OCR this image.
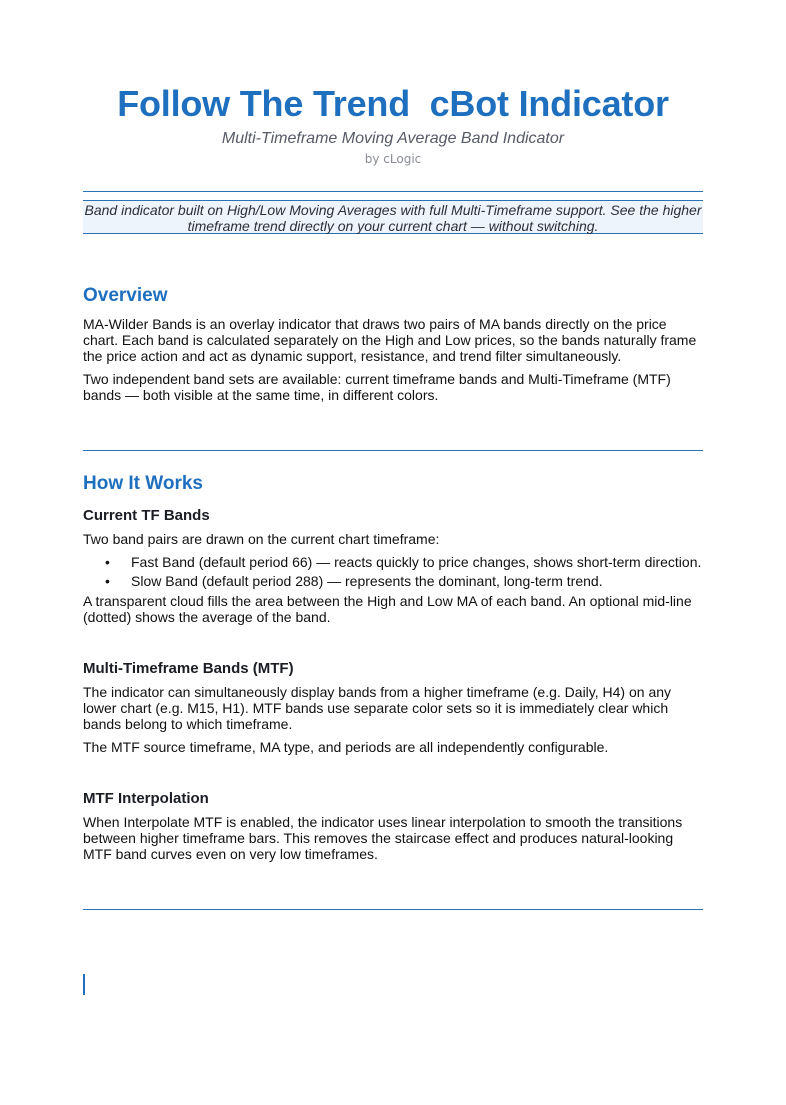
Follow The Trend  cBot Indicator
Multi-Timeframe Moving Average Band Indicator
by cLogic
Band indicator built on High/Low Moving Averages with full Multi-Timeframe support. See the higher
timeframe trend directly on your current chart — without switching.
Overview
MA-Wilder Bands is an overlay indicator that draws two pairs of MA bands directly on the price
chart. Each band is calculated separately on the High and Low prices, so the bands naturally frame
the price action and act as dynamic support, resistance, and trend filter simultaneously.
Two independent band sets are available: current timeframe bands and Multi-Timeframe (MTF)
bands — both visible at the same time, in different colors.
How It Works
Current TF Bands
Two band pairs are drawn on the current chart timeframe:
• Fast Band (default period 66) — reacts quickly to price changes, shows short-term direction.
• Slow Band (default period 288) — represents the dominant, long-term trend.
A transparent cloud fills the area between the High and Low MA of each band. An optional mid-line
(dotted) shows the average of the band.
Multi-Timeframe Bands (MTF)
The indicator can simultaneously display bands from a higher timeframe (e.g. Daily, H4) on any
lower chart (e.g. M15, H1). MTF bands use separate color sets so it is immediately clear which
bands belong to which timeframe.
The MTF source timeframe, MA type, and periods are all independently configurable.
MTF Interpolation
When Interpolate MTF is enabled, the indicator uses linear interpolation to smooth the transitions
between higher timeframe bars. This removes the staircase effect and produces natural-looking
MTF band curves even on very low timeframes.
